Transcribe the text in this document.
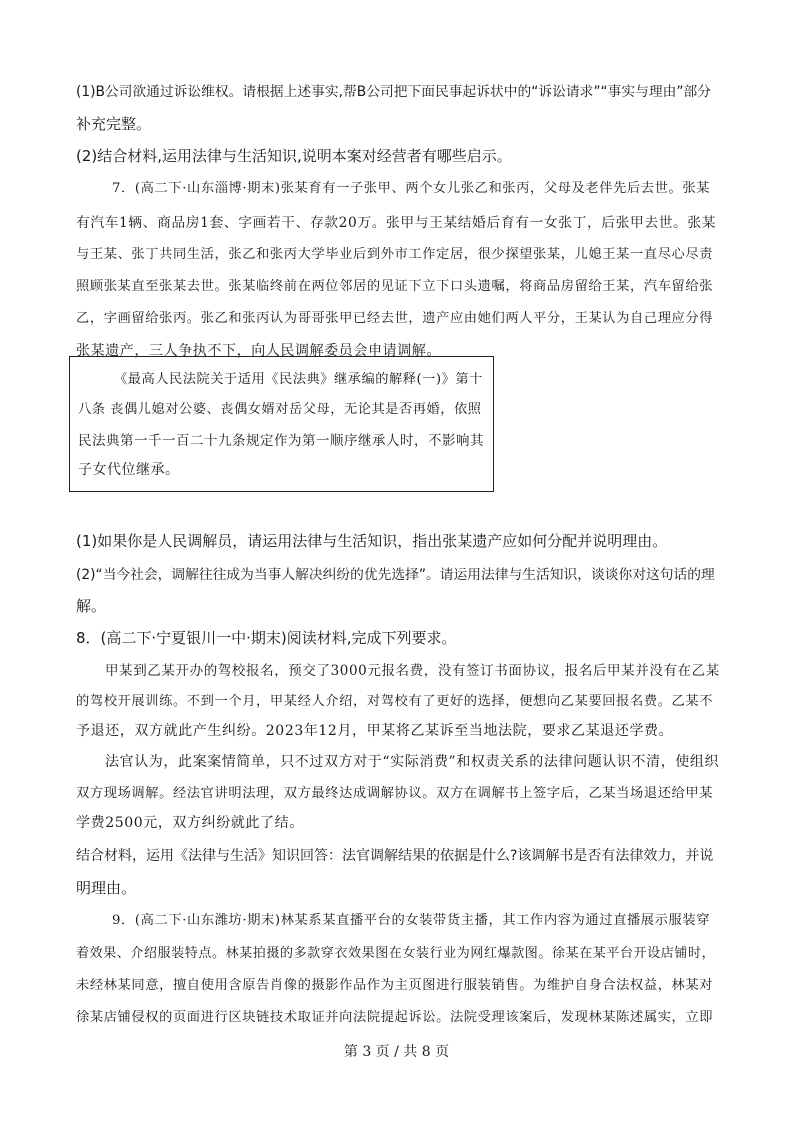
(1)B公司欲通过诉讼维权。请根据上述事实,帮B公司把下面民事起诉状中的“诉讼请求”“事实与理由”部分
补充完整。
(2)结合材料,运用法律与生活知识,说明本案对经营者有哪些启示。
7．(高二下·山东淄博·期末)张某育有一子张甲、两个女儿张乙和张丙，父母及老伴先后去世。张某
有汽车1辆、商品房1套、字画若干、存款20万。张甲与王某结婚后育有一女张丁，后张甲去世。张某
与王某、张丁共同生活，张乙和张丙大学毕业后到外市工作定居，很少探望张某，儿媳王某一直尽心尽责
照顾张某直至张某去世。张某临终前在两位邻居的见证下立下口头遗嘱，将商品房留给王某，汽车留给张
乙，字画留给张丙。张乙和张丙认为哥哥张甲已经去世，遗产应由她们两人平分，王某认为自己理应分得
张某遗产，三人争执不下，向人民调解委员会申请调解。
《最高人民法院关于适用《民法典》继承编的解释(一)》第十
八条 丧偶儿媳对公婆、丧偶女婿对岳父母，无论其是否再婚，依照
民法典第一千一百二十九条规定作为第一顺序继承人时，不影响其
子女代位继承。
(1)如果你是人民调解员，请运用法律与生活知识，指出张某遗产应如何分配并说明理由。
(2)“当今社会，调解往往成为当事人解决纠纷的优先选择”。请运用法律与生活知识，谈谈你对这句话的理
解。
8．(高二下·宁夏银川一中·期末)阅读材料,完成下列要求。
甲某到乙某开办的驾校报名，预交了3000元报名费，没有签订书面协议，报名后甲某并没有在乙某
的驾校开展训练。不到一个月，甲某经人介绍，对驾校有了更好的选择，便想向乙某要回报名费。乙某不
予退还，双方就此产生纠纷。2023年12月，甲某将乙某诉至当地法院，要求乙某退还学费。
法官认为，此案案情简单，只不过双方对于“实际消费”和权责关系的法律问题认识不清，使组织
双方现场调解。经法官讲明法理，双方最终达成调解协议。双方在调解书上签字后，乙某当场退还给甲某
学费2500元，双方纠纷就此了结。
结合材料，运用《法律与生活》知识回答：法官调解结果的依据是什么?该调解书是否有法律效力，并说
明理由。
9．(高二下·山东潍坊·期末)林某系某直播平台的女装带货主播，其工作内容为通过直播展示服装穿
着效果、介绍服装特点。林某拍摄的多款穿衣效果图在女装行业为网红爆款图。徐某在某平台开设店铺时，
未经林某同意，擅自使用含原告肖像的摄影作品作为主页图进行服装销售。为维护自身合法权益，林某对
徐某店铺侵权的页面进行区块链技术取证并向法院提起诉讼。法院受理该案后，发现林某陈述属实，立即
第 3 页 / 共 8 页
